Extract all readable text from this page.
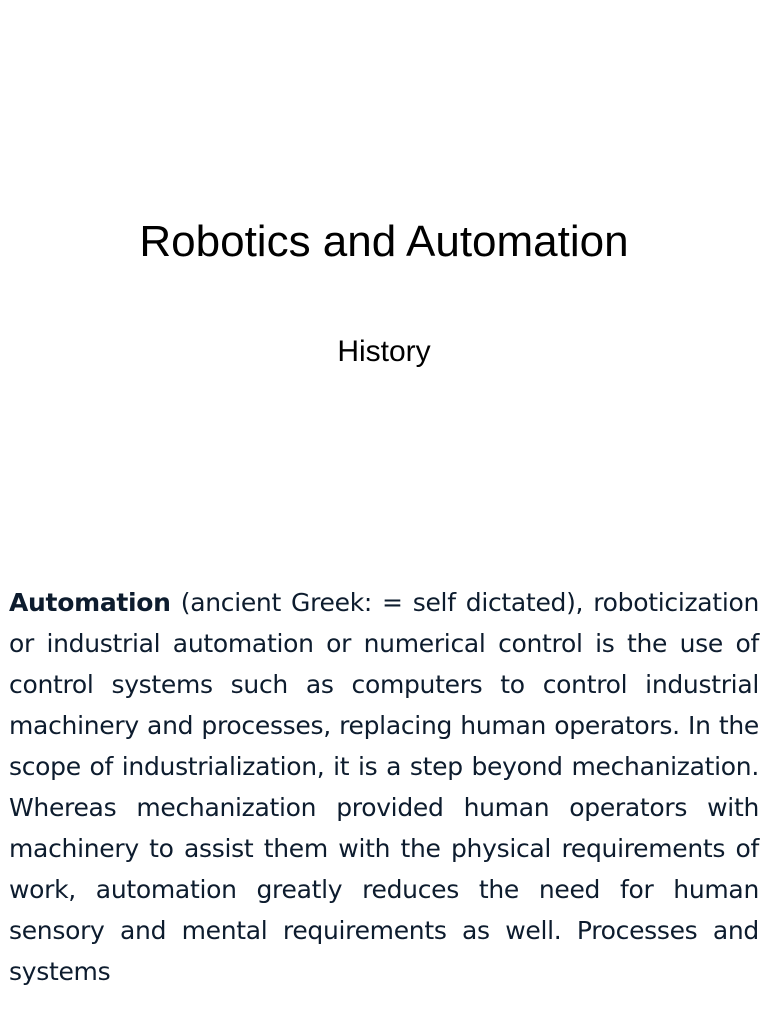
Robotics and Automation
History

Automation (ancient Greek: = self dictated), roboticization or industrial automation or numerical control is the use of control systems such as computers to control industrial machinery and processes, replacing human operators. In the scope of industrialization, it is a step beyond mechanization. Whereas mechanization provided human operators with machinery to assist them with the physical requirements of work, automation greatly reduces the need for human sensory and mental requirements as well. Processes and systems
